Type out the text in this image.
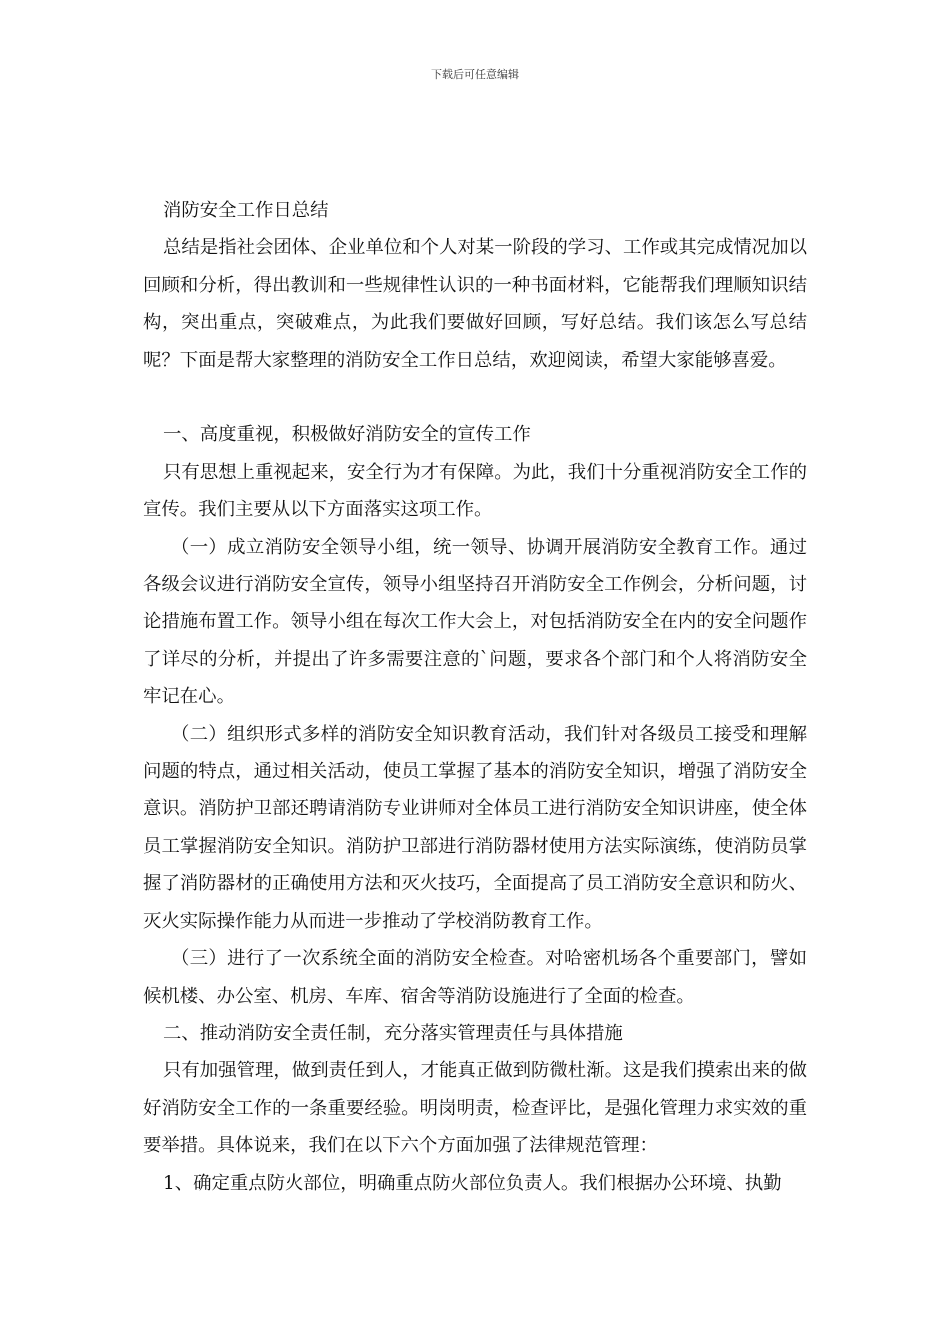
下载后可任意编辑

消防安全工作日总结

总结是指社会团体、企业单位和个人对某一阶段的学习、工作或其完成情况加以回顾和分析，得出教训和一些规律性认识的一种书面材料，它能帮我们理顺知识结构，突出重点，突破难点，为此我们要做好回顾，写好总结。我们该怎么写总结呢？下面是帮大家整理的消防安全工作日总结，欢迎阅读，希望大家能够喜爱。

一、高度重视，积极做好消防安全的宣传工作

只有思想上重视起来，安全行为才有保障。为此，我们十分重视消防安全工作的宣传。我们主要从以下方面落实这项工作。

（一）成立消防安全领导小组，统一领导、协调开展消防安全教育工作。通过各级会议进行消防安全宣传，领导小组坚持召开消防安全工作例会，分析问题，讨论措施布置工作。领导小组在每次工作大会上，对包括消防安全在内的安全问题作了详尽的分析，并提出了许多需要注意的`问题，要求各个部门和个人将消防安全牢记在心。

（二）组织形式多样的消防安全知识教育活动，我们针对各级员工接受和理解问题的特点，通过相关活动，使员工掌握了基本的消防安全知识，增强了消防安全意识。消防护卫部还聘请消防专业讲师对全体员工进行消防安全知识讲座，使全体员工掌握消防安全知识。消防护卫部进行消防器材使用方法实际演练，使消防员掌握了消防器材的正确使用方法和灭火技巧，全面提高了员工消防安全意识和防火、灭火实际操作能力从而进一步推动了学校消防教育工作。

（三）进行了一次系统全面的消防安全检查。对哈密机场各个重要部门，譬如候机楼、办公室、机房、车库、宿舍等消防设施进行了全面的检查。

二、推动消防安全责任制，充分落实管理责任与具体措施

只有加强管理，做到责任到人，才能真正做到防微杜渐。这是我们摸索出来的做好消防安全工作的一条重要经验。明岗明责，检查评比，是强化管理力求实效的重要举措。具体说来，我们在以下六个方面加强了法律规范管理：

1、确定重点防火部位，明确重点防火部位负责人。我们根据办公环境、执勤
